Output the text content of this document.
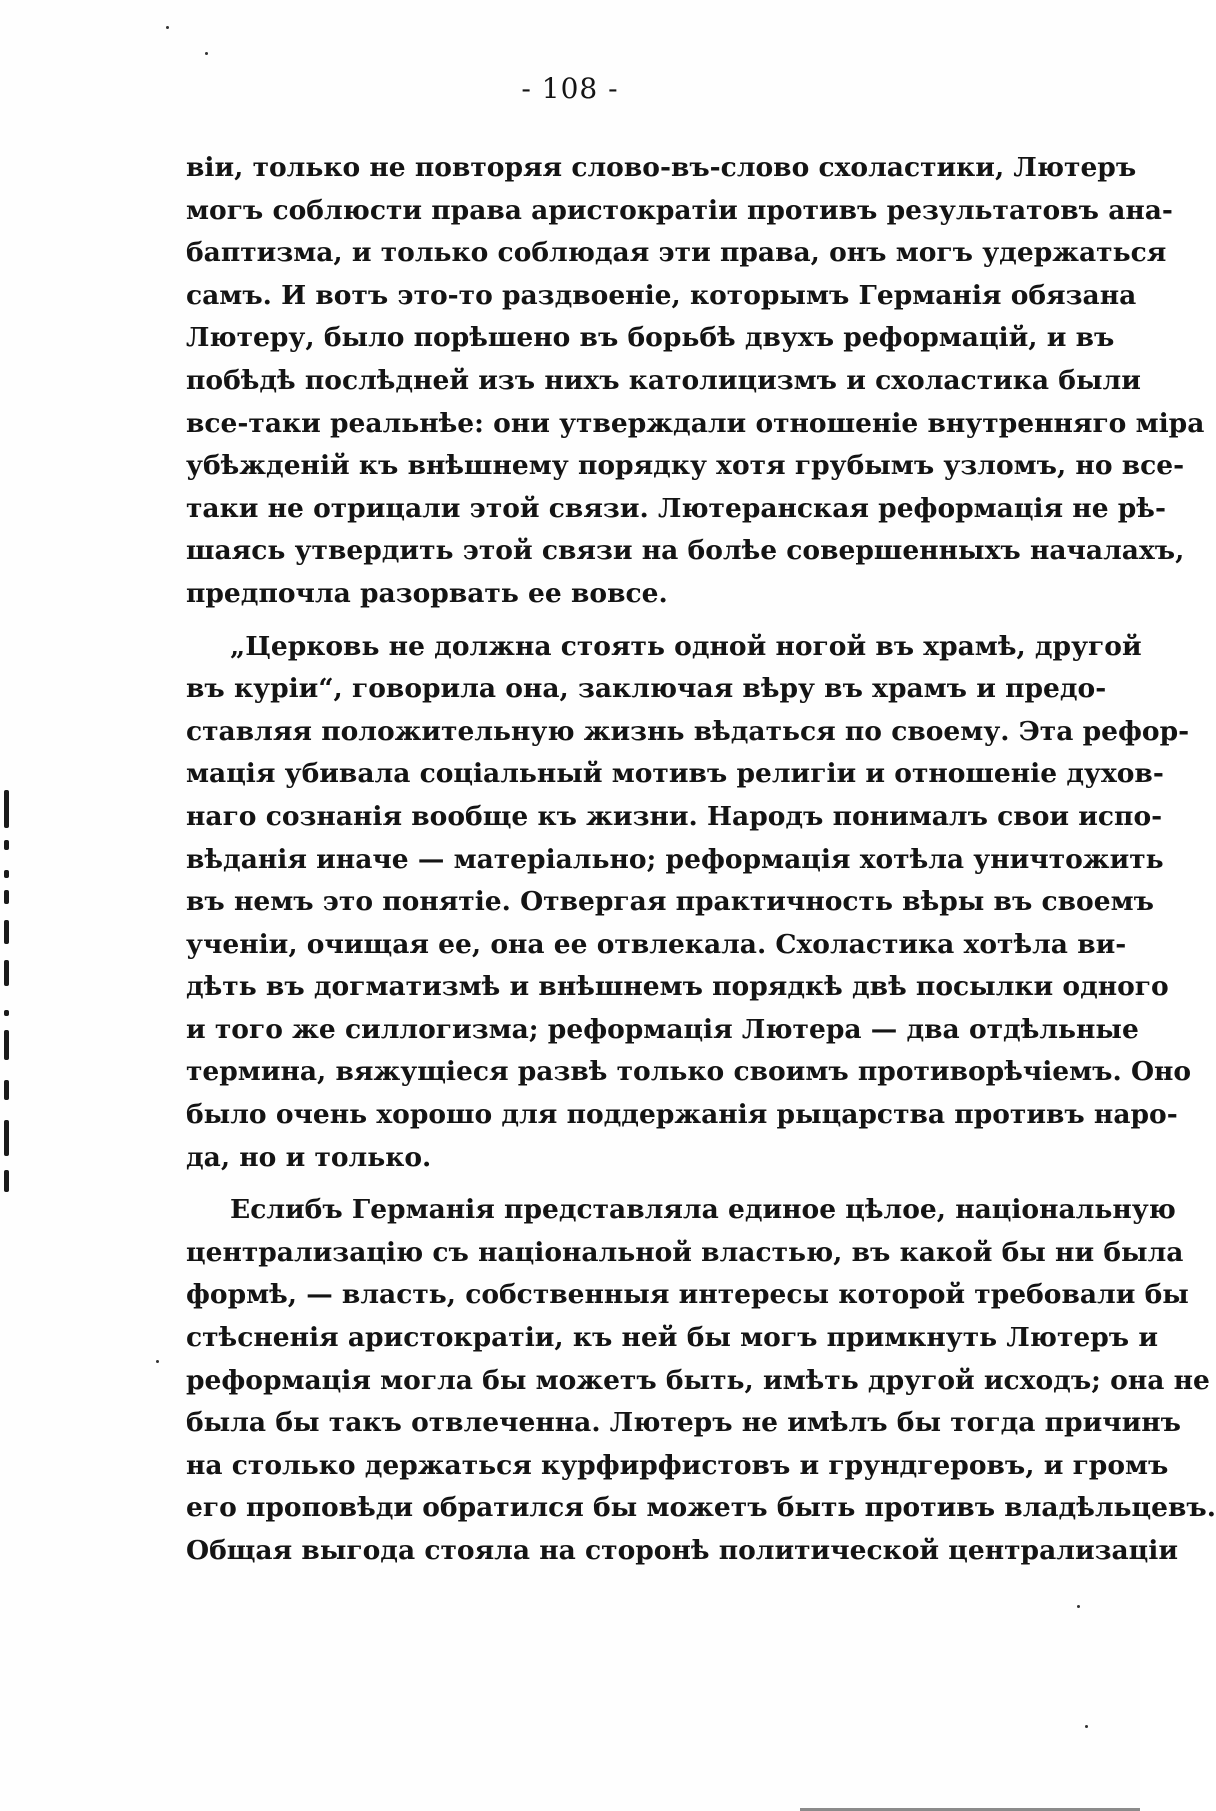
- 108 -
віи, только не повторяя слово-въ-слово схоластики, Лютеръ
могъ соблюсти права аристократіи противъ результатовъ ана-
баптизма, и только соблюдая эти права, онъ могъ удержаться
самъ. И вотъ это-то раздвоеніе, которымъ Германія обязана
Лютеру, было порѣшено въ борьбѣ двухъ реформацій, и въ
побѣдѣ послѣдней изъ нихъ католицизмъ и схоластика были
все-таки реальнѣе: они утверждали отношеніе внутренняго міра
убѣжденій къ внѣшнему порядку хотя грубымъ узломъ, но все-
таки не отрицали этой связи. Лютеранская реформація не рѣ-
шаясь утвердить этой связи на болѣе совершенныхъ началахъ,
предпочла разорвать ее вовсе.
„Церковь не должна стоять одной ногой въ храмѣ, другой
въ куріи“, говорила она, заключая вѣру въ храмъ и предо-
ставляя положительную жизнь вѣдаться по своему. Эта рефор-
мація убивала соціальный мотивъ религіи и отношеніе духов-
наго сознанія вообще къ жизни. Народъ понималъ свои испо-
вѣданія иначе — матеріально; реформація хотѣла уничтожить
въ немъ это понятіе. Отвергая практичность вѣры въ своемъ
ученіи, очищая ее, она ее отвлекала. Схоластика хотѣла ви-
дѣть въ догматизмѣ и внѣшнемъ порядкѣ двѣ посылки одного
и того же силлогизма; реформація Лютера — два отдѣльные
термина, вяжущіеся развѣ только своимъ противорѣчіемъ. Оно
было очень хорошо для поддержанія рыцарства противъ наро-
да, но и только.
Еслибъ Германія представляла единое цѣлое, національную
централизацію съ національной властью, въ какой бы ни была
формѣ, — власть, собственныя интересы которой требовали бы
стѣсненія аристократіи, къ ней бы могъ примкнуть Лютеръ и
реформація могла бы можетъ быть, имѣть другой исходъ; она не
была бы такъ отвлеченна. Лютеръ не имѣлъ бы тогда причинъ
на столько держаться курфирфистовъ и грундгеровъ, и громъ
его проповѣди обратился бы можетъ быть противъ владѣльцевъ.
Общая выгода стояла на сторонѣ политической централизаціи
